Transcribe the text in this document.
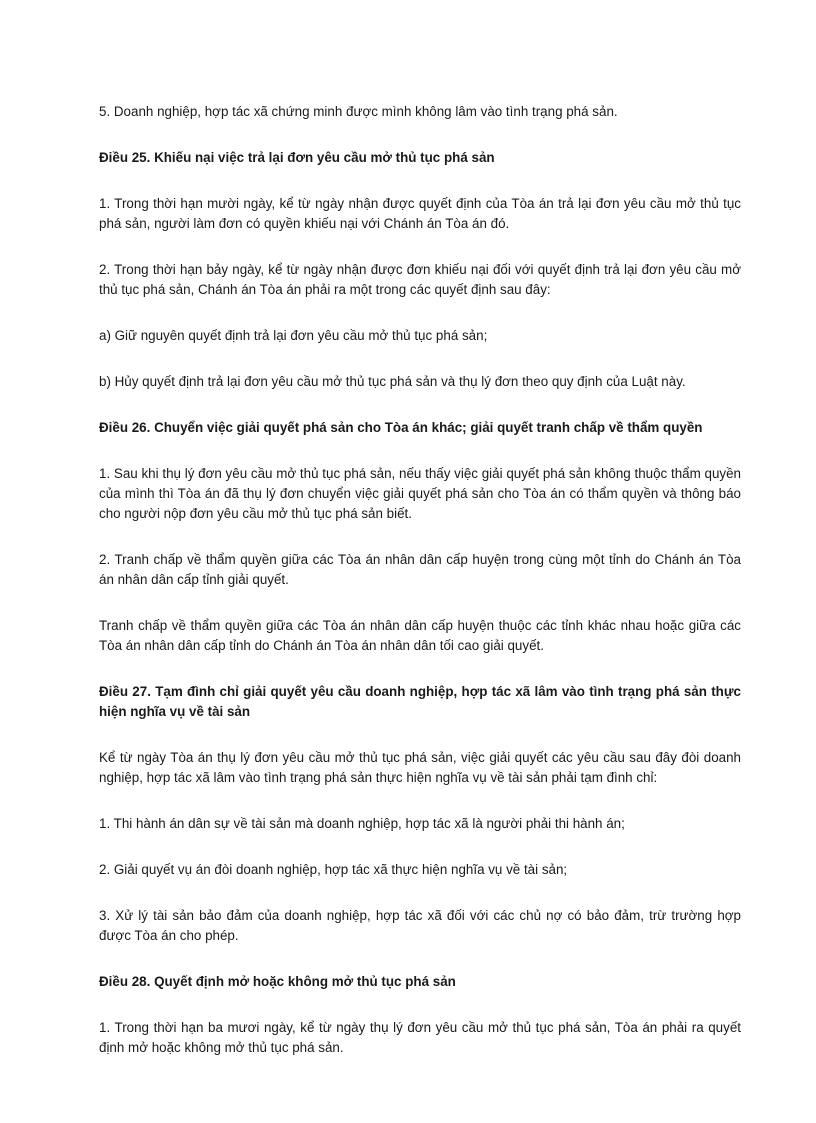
5. Doanh nghiệp, hợp tác xã chứng minh được mình không lâm vào tình trạng phá sản.

Điều 25. Khiếu nại việc trả lại đơn yêu cầu mở thủ tục phá sản

1. Trong thời hạn mười ngày, kể từ ngày nhận được quyết định của Tòa án trả lại đơn yêu cầu mở thủ tục phá sản, người làm đơn có quyền khiếu nại với Chánh án Tòa án đó.

2. Trong thời hạn bảy ngày, kể từ ngày nhận được đơn khiếu nại đối với quyết định trả lại đơn yêu cầu mở thủ tục phá sản, Chánh án Tòa án phải ra một trong các quyết định sau đây:

a) Giữ nguyên quyết định trả lại đơn yêu cầu mở thủ tục phá sản;

b) Hủy quyết định trả lại đơn yêu cầu mở thủ tục phá sản và thụ lý đơn theo quy định của Luật này.

Điều 26. Chuyển việc giải quyết phá sản cho Tòa án khác; giải quyết tranh chấp về thẩm quyền

1. Sau khi thụ lý đơn yêu cầu mở thủ tục phá sản, nếu thấy việc giải quyết phá sản không thuộc thẩm quyền của mình thì Tòa án đã thụ lý đơn chuyển việc giải quyết phá sản cho Tòa án có thẩm quyền và thông báo cho người nộp đơn yêu cầu mở thủ tục phá sản biết.

2. Tranh chấp về thẩm quyền giữa các Tòa án nhân dân cấp huyện trong cùng một tỉnh do Chánh án Tòa án nhân dân cấp tỉnh giải quyết.

Tranh chấp về thẩm quyền giữa các Tòa án nhân dân cấp huyện thuộc các tỉnh khác nhau hoặc giữa các Tòa án nhân dân cấp tỉnh do Chánh án Tòa án nhân dân tối cao giải quyết.

Điều 27. Tạm đình chỉ giải quyết yêu cầu doanh nghiệp, hợp tác xã lâm vào tình trạng phá sản thực hiện nghĩa vụ về tài sản

Kể từ ngày Tòa án thụ lý đơn yêu cầu mở thủ tục phá sản, việc giải quyết các yêu cầu sau đây đòi doanh nghiệp, hợp tác xã lâm vào tình trạng phá sản thực hiện nghĩa vụ về tài sản phải tạm đình chỉ:

1. Thi hành án dân sự về tài sản mà doanh nghiệp, hợp tác xã là người phải thi hành án;

2. Giải quyết vụ án đòi doanh nghiệp, hợp tác xã thực hiện nghĩa vụ về tài sản;

3. Xử lý tài sản bảo đảm của doanh nghiệp, hợp tác xã đối với các chủ nợ có bảo đảm, trừ trường hợp được Tòa án cho phép.

Điều 28. Quyết định mở hoặc không mở thủ tục phá sản

1. Trong thời hạn ba mươi ngày, kể từ ngày thụ lý đơn yêu cầu mở thủ tục phá sản, Tòa án phải ra quyết định mở hoặc không mở thủ tục phá sản.
